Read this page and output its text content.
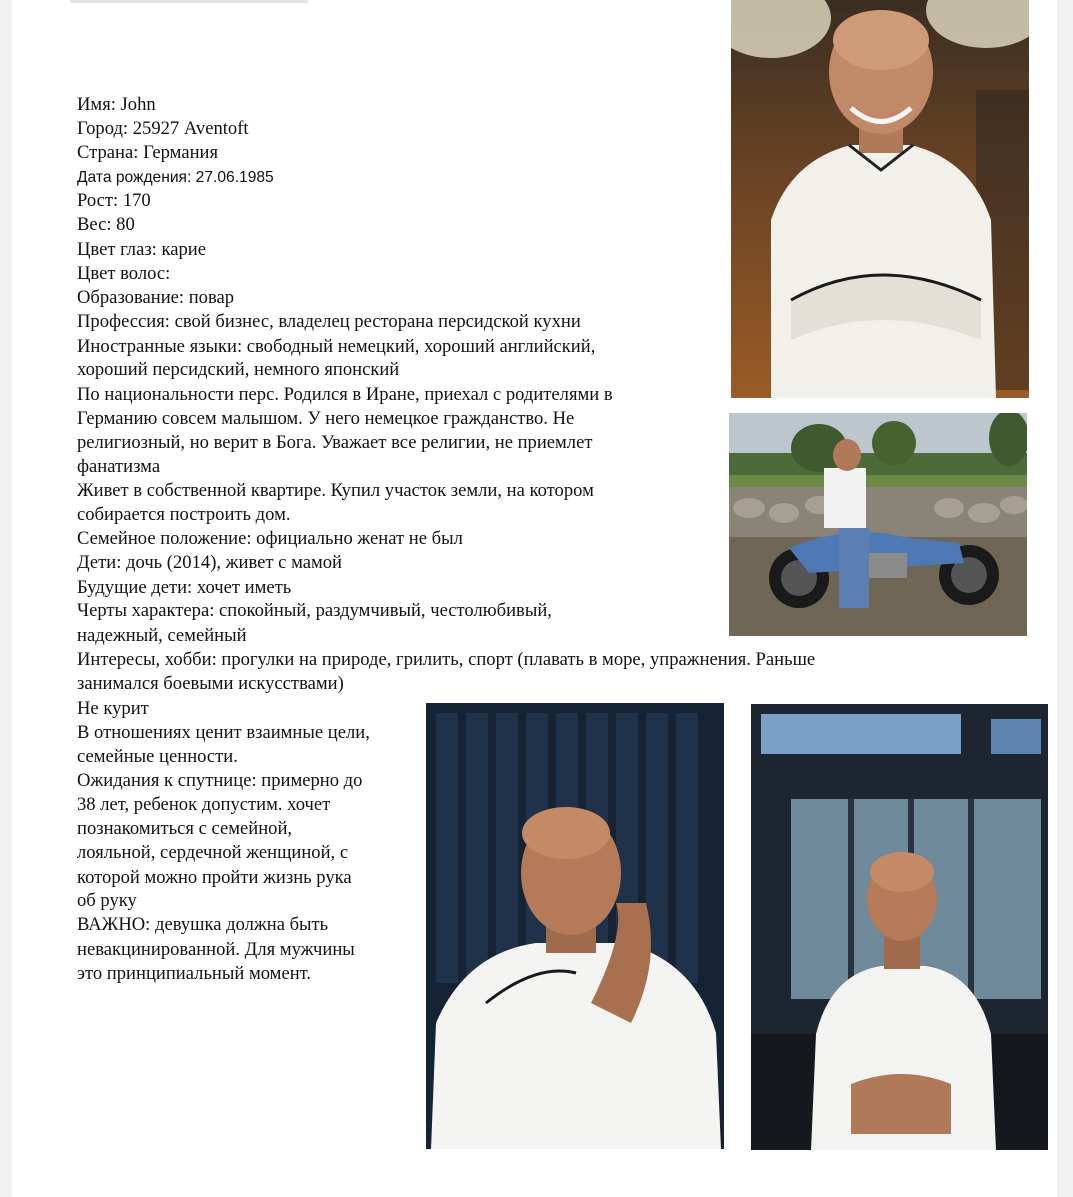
Имя: John
Город: 25927 Aventoft
Страна: Германия
Дата рождения: 27.06.1985
Рост: 170
Вес: 80
Цвет глаз: карие
Цвет волос:
Образование: повар
Профессия: свой бизнес, владелец ресторана персидской кухни
Иностранные языки: свободный немецкий, хороший английский,
хороший персидский, немного японский
По национальности перс. Родился в Иране, приехал с родителями в
Германию совсем малышом. У него немецкое гражданство. Не
религиозный, но верит в Бога. Уважает все религии, не приемлет
фанатизма
Живет в собственной квартире. Купил участок земли, на котором
собирается построить дом.
Семейное положение: официально женат не был
Дети: дочь (2014), живет с мамой
Будущие дети: хочет иметь
Черты характера: спокойный, раздумчивый, честолюбивый,
надежный, семейный
Интересы, хобби: прогулки на природе, грилить, спорт (плавать в море, упражнения. Раньше
занимался боевыми искусствами)
Не курит
В отношениях ценит взаимные цели,
семейные ценности.
Ожидания к спутнице: примерно до
38 лет, ребенок допустим. хочет
познакомиться с семейной,
лояльной, сердечной женщиной, с
которой можно пройти жизнь рука
об руку
ВАЖНО: девушка должна быть
невакцинированной. Для мужчины
это принципиальный момент.
